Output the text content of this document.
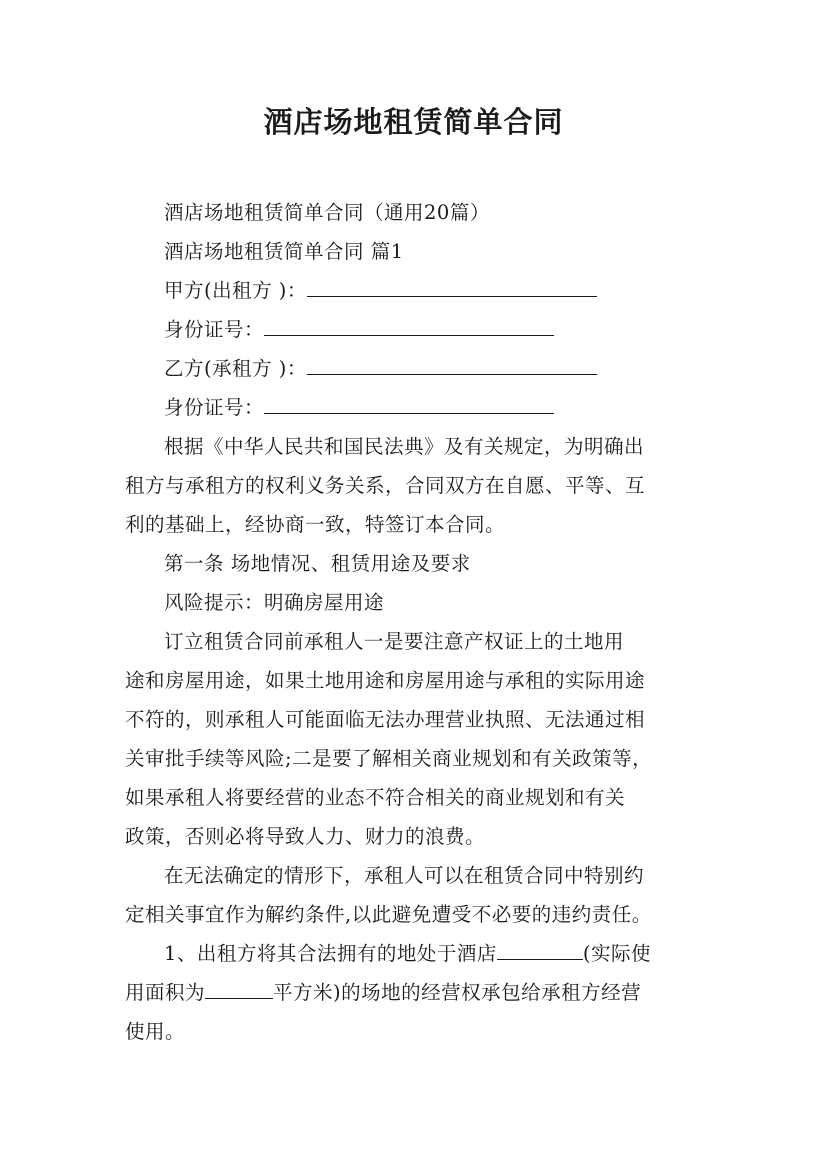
酒店场地租赁简单合同

酒店场地租赁简单合同（通用20篇）

酒店场地租赁简单合同 篇1

甲方(出租方 )：

身份证号：

乙方(承租方 )：

身份证号：

根据《中华人民共和国民法典》及有关规定，为明确出
租方与承租方的权利义务关系，合同双方在自愿、平等、互
利的基础上，经协商一致，特签订本合同。

第一条 场地情况、租赁用途及要求

风险提示：明确房屋用途

订立租赁合同前承租人一是要注意产权证上的土地用
途和房屋用途，如果土地用途和房屋用途与承租的实际用途
不符的，则承租人可能面临无法办理营业执照、无法通过相
关审批手续等风险;二是要了解相关商业规划和有关政策等，
如果承租人将要经营的业态不符合相关的商业规划和有关
政策，否则必将导致人力、财力的浪费。

在无法确定的情形下，承租人可以在租赁合同中特别约
定相关事宜作为解约条件,以此避免遭受不必要的违约责任。

1、出租方将其合法拥有的地处于酒店	(实际使
用面积为	平方米)的场地的经营权承包给承租方经营
使用。
